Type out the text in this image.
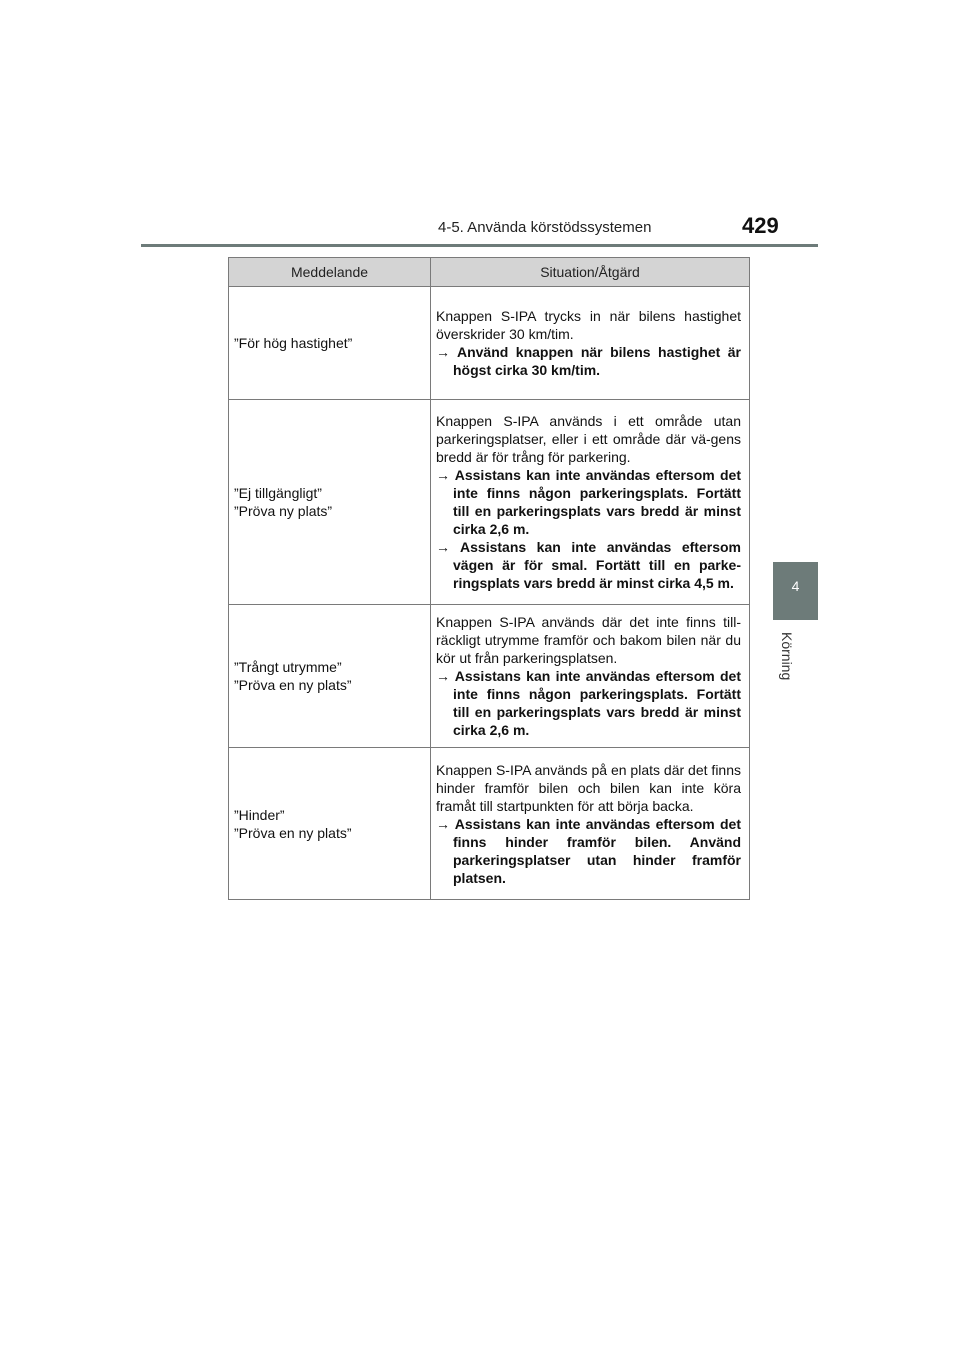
4-5. Använda körstödssystemen	429
4
Körning
Meddelande	Situation/Åtgärd

”För hög hastighet”	Knappen S-IPA trycks in när bilens hastighet överskrider 30 km/tim.
→ Använd knappen när bilens hastighet är högst cirka 30 km/tim.

”Ej tillgängligt”
”Pröva ny plats”	Knappen S-IPA används i ett område utan parkeringsplatser, eller i ett område där vä-gens bredd är för trång för parkering.
→ Assistans kan inte användas eftersom det inte finns någon parkeringsplats. Fortätt till en parkeringsplats vars bredd är minst cirka 2,6 m.
→ Assistans kan inte användas eftersom vägen är för smal. Fortätt till en parke-ringsplats vars bredd är minst cirka 4,5 m.

”Trångt utrymme”
”Pröva en ny plats”	Knappen S-IPA används där det inte finns till-räckligt utrymme framför och bakom bilen när du kör ut från parkeringsplatsen.
→ Assistans kan inte användas eftersom det inte finns någon parkeringsplats. Fortätt till en parkeringsplats vars bredd är minst cirka 2,6 m.

”Hinder”
”Pröva en ny plats”	Knappen S-IPA används på en plats där det finns hinder framför bilen och bilen kan inte köra framåt till startpunkten för att börja backa.
→ Assistans kan inte användas eftersom det finns hinder framför bilen. Använd parkeringsplatser utan hinder framför platsen.
